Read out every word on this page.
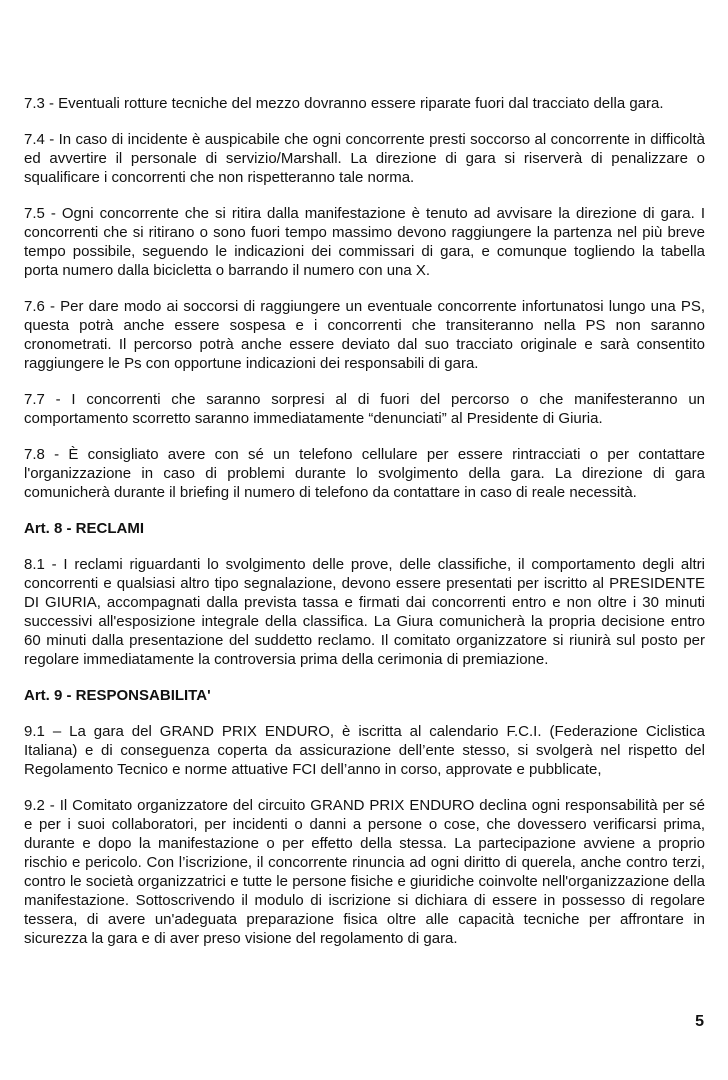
7.3 - Eventuali rotture tecniche del mezzo dovranno essere riparate fuori dal tracciato della gara.

7.4 - In caso di incidente è auspicabile che ogni concorrente presti soccorso al concorrente in difficoltà ed avvertire il personale di servizio/Marshall. La direzione di gara si riserverà di penalizzare o squalificare i concorrenti che non rispetteranno tale norma.

7.5 - Ogni concorrente che si ritira dalla manifestazione è tenuto ad avvisare la direzione di gara. I concorrenti che si ritirano o sono fuori tempo massimo devono raggiungere la partenza nel più breve tempo possibile, seguendo le indicazioni dei commissari di gara, e comunque togliendo la tabella porta numero dalla bicicletta o barrando il numero con una X.

7.6 - Per dare modo ai soccorsi di raggiungere un eventuale concorrente infortunatosi lungo una PS, questa potrà anche essere sospesa e i concorrenti che transiteranno nella PS non saranno cronometrati. Il percorso potrà anche essere deviato dal suo tracciato originale e sarà consentito raggiungere le Ps con opportune indicazioni dei responsabili di gara.

7.7 - I concorrenti che saranno sorpresi al di fuori del percorso o che manifesteranno un comportamento scorretto saranno immediatamente “denunciati” al Presidente di Giuria.

7.8 - È consigliato avere con sé un telefono cellulare per essere rintracciati o per contattare l'organizzazione in caso di problemi durante lo svolgimento della gara. La direzione di gara comunicherà durante il briefing il numero di telefono da contattare in caso di reale necessità.

Art. 8 - RECLAMI

8.1 - I reclami riguardanti lo svolgimento delle prove, delle classifiche, il comportamento degli altri concorrenti e qualsiasi altro tipo segnalazione, devono essere presentati per iscritto al PRESIDENTE DI GIURIA, accompagnati dalla prevista tassa e firmati dai concorrenti entro e non oltre i 30 minuti successivi all'esposizione integrale della classifica. La Giura comunicherà la propria decisione entro 60 minuti dalla presentazione del suddetto reclamo. Il comitato organizzatore si riunirà sul posto per regolare immediatamente la controversia prima della cerimonia di premiazione.

Art. 9 - RESPONSABILITA'

9.1 – La gara del GRAND PRIX ENDURO, è iscritta al calendario F.C.I. (Federazione Ciclistica Italiana) e di conseguenza coperta da assicurazione dell’ente stesso, si svolgerà nel rispetto del Regolamento Tecnico e norme attuative FCI dell’anno in corso, approvate e pubblicate,

9.2 - Il Comitato organizzatore del circuito GRAND PRIX ENDURO declina ogni responsabilità per sé e per i suoi collaboratori, per incidenti o danni a persone o cose, che dovessero verificarsi prima, durante e dopo la manifestazione o per effetto della stessa. La partecipazione avviene a proprio rischio e pericolo. Con l’iscrizione, il concorrente rinuncia ad ogni diritto di querela, anche contro terzi, contro le società organizzatrici e tutte le persone fisiche e giuridiche coinvolte nell'organizzazione della manifestazione. Sottoscrivendo il modulo di iscrizione si dichiara di essere in possesso di regolare tessera, di avere un'adeguata preparazione fisica oltre alle capacità tecniche per affrontare in sicurezza la gara e di aver preso visione del regolamento di gara.

5
